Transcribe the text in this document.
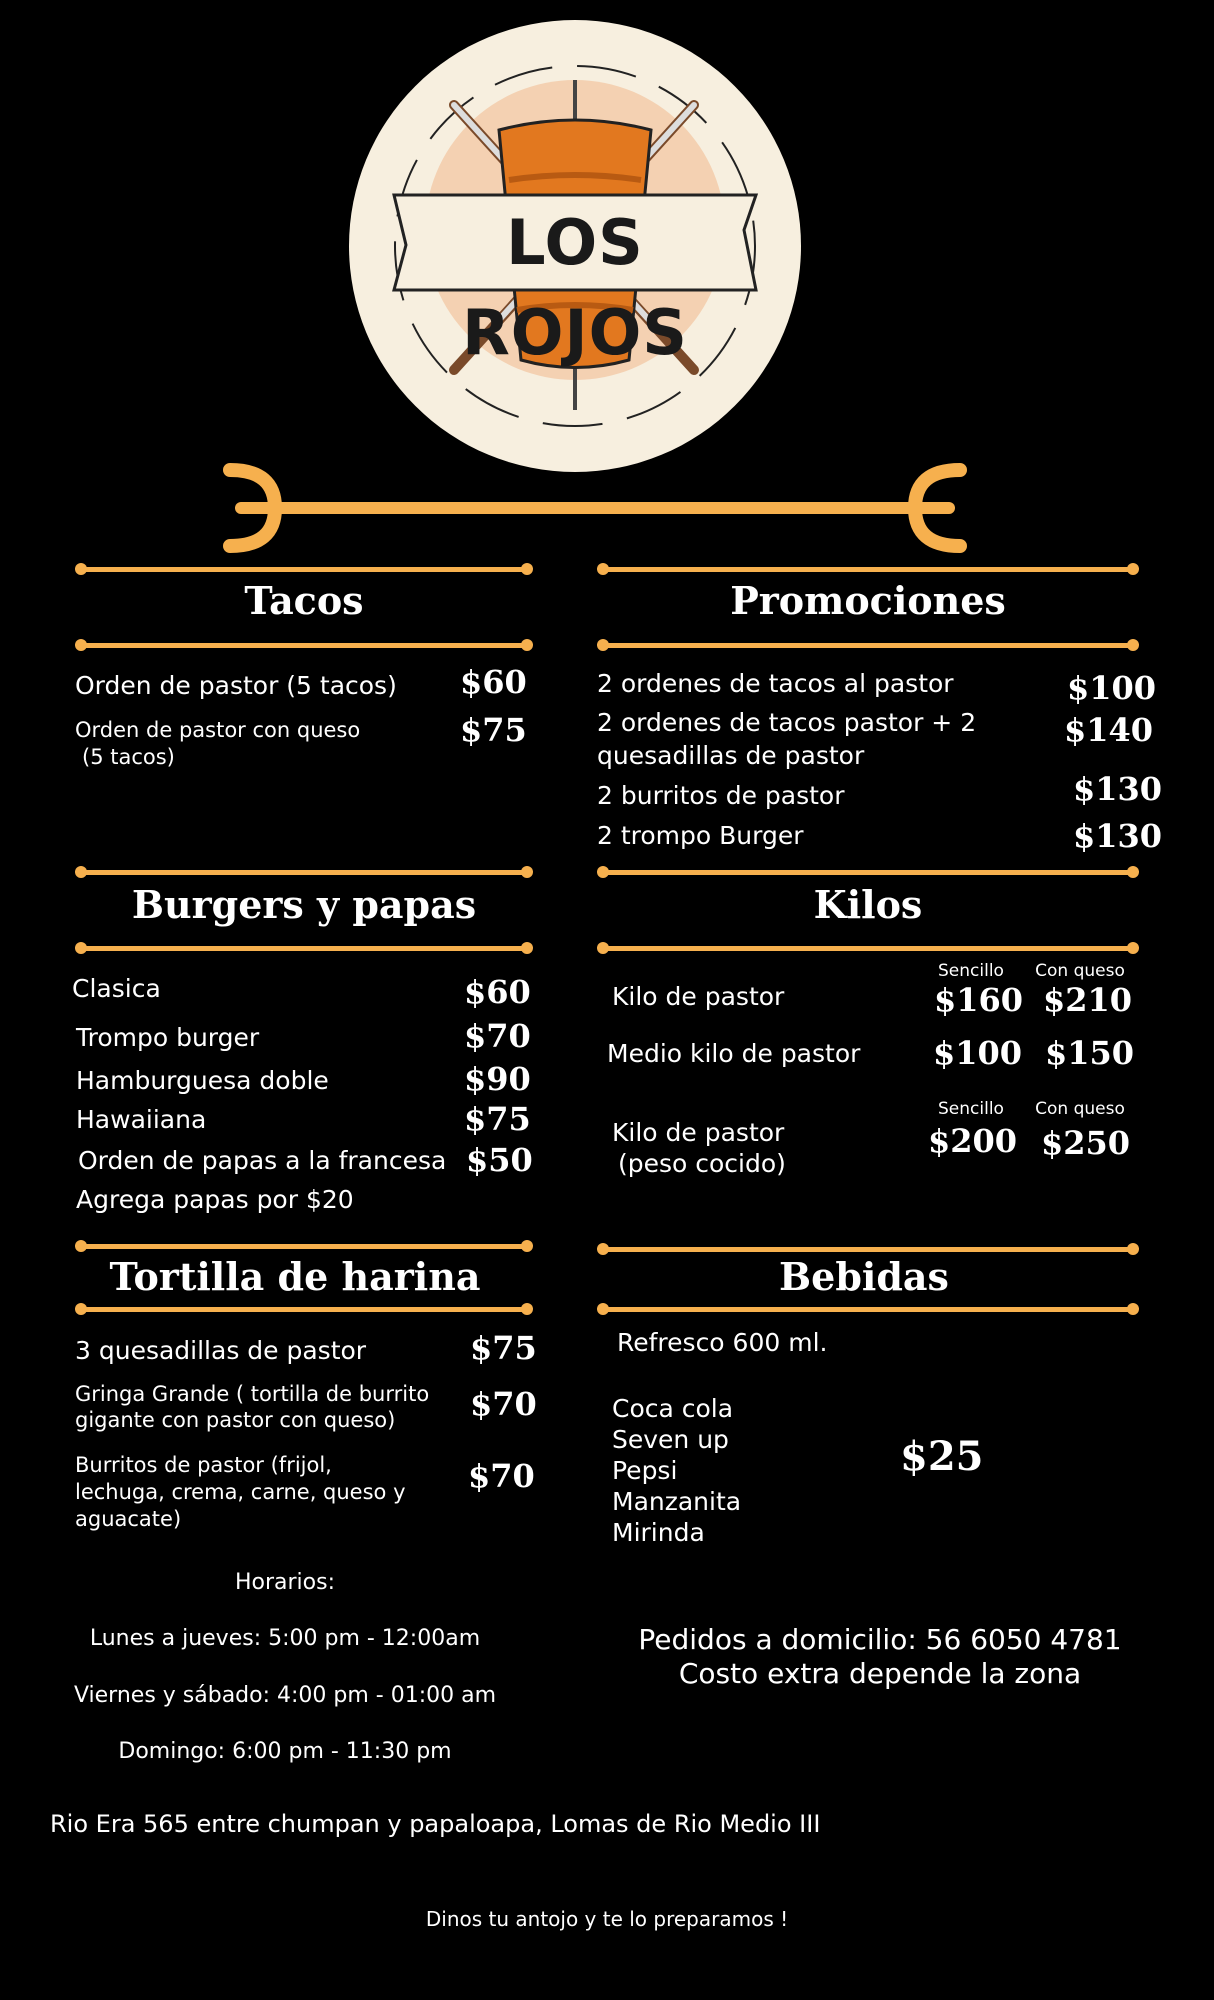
LOS ROJOS
Tacos
Orden de pastor (5 tacos) $60
Orden de pastor con queso
(5 tacos)
$75
Promociones
2 ordenes de tacos al pastor	$100
2 ordenes de tacos pastor + 2
quesadillas de pastor
$140
2 burritos de pastor	$130
2 trompo Burger	$130
Burgers y papas
Clasica	$60
Trompo burger	$70
Hamburguesa doble	$90
Hawaiiana	$75
Orden de papas a la francesa $50
Agrega papas por $20
Kilos
Sencillo	Con queso
Kilo de pastor	$160 $210
Medio kilo de pastor $100 $150
Sencillo	Con queso
Kilo de pastor
(peso cocido)
$200 $250
Tortilla de harina
3 quesadillas de pastor	$75
Gringa Grande ( tortilla de burrito
gigante con pastor con queso) $70
Burritos de pastor (frijol,
lechuga, crema, carne, queso y
aguacate)
$70
Bebidas
Refresco 600 ml.
Coca cola
Seven up
Pepsi
Manzanita
Mirinda
$25
Horarios:
Lunes a jueves: 5:00 pm - 12:00am
Viernes y sábado: 4:00 pm - 01:00 am
Domingo: 6:00 pm - 11:30 pm
Pedidos a domicilio: 56 6050 4781
Costo extra depende la zona
Rio Era 565 entre chumpan y papaloapa, Lomas de Rio Medio III
Dinos tu antojo y te lo preparamos !
